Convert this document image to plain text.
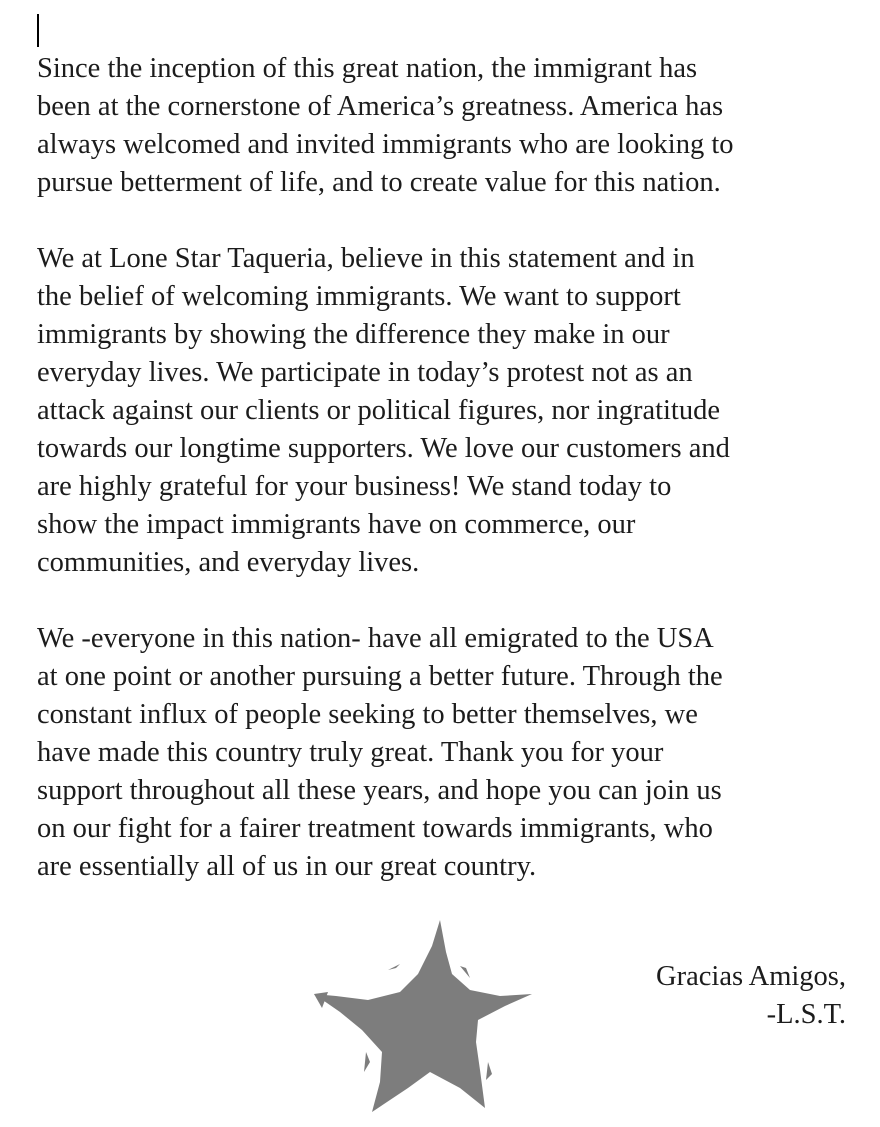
Since the inception of this great nation, the immigrant has
been at the cornerstone of America’s greatness. America has
always welcomed and invited immigrants who are looking to
pursue betterment of life, and to create value for this nation.

We at Lone Star Taqueria, believe in this statement and in
the belief of welcoming immigrants. We want to support
immigrants by showing the difference they make in our
everyday lives. We participate in today’s protest not as an
attack against our clients or political figures, nor ingratitude
towards our longtime supporters. We love our customers and
are highly grateful for your business! We stand today to
show the impact immigrants have on commerce, our
communities, and everyday lives.

We -everyone in this nation- have all emigrated to the USA
at one point or another pursuing a better future. Through the
constant influx of people seeking to better themselves, we
have made this country truly great. Thank you for your
support throughout all these years, and hope you can join us
on our fight for a fairer treatment towards immigrants, who
are essentially all of us in our great country.

Gracias Amigos,
-L.S.T.
